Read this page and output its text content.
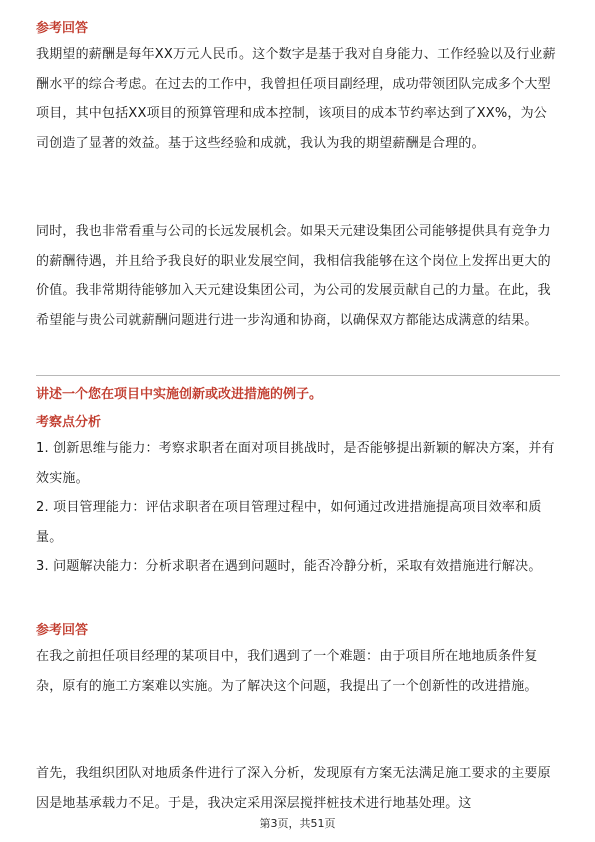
参考回答

我期望的薪酬是每年XX万元人民币。这个数字是基于我对自身能力、工作经验以及行业薪酬水平的综合考虑。在过去的工作中，我曾担任项目副经理，成功带领团队完成多个大型项目，其中包括XX项目的预算管理和成本控制，该项目的成本节约率达到了XX%，为公司创造了显著的效益。基于这些经验和成就，我认为我的期望薪酬是合理的。

同时，我也非常看重与公司的长远发展机会。如果天元建设集团公司能够提供具有竞争力的薪酬待遇，并且给予我良好的职业发展空间，我相信我能够在这个岗位上发挥出更大的价值。我非常期待能够加入天元建设集团公司，为公司的发展贡献自己的力量。在此，我希望能与贵公司就薪酬问题进行进一步沟通和协商，以确保双方都能达成满意的结果。

讲述一个您在项目中实施创新或改进措施的例子。
考察点分析

1. 创新思维与能力：考察求职者在面对项目挑战时，是否能够提出新颖的解决方案，并有效实施。

2. 项目管理能力：评估求职者在项目管理过程中，如何通过改进措施提高项目效率和质量。

3. 问题解决能力：分析求职者在遇到问题时，能否冷静分析，采取有效措施进行解决。

参考回答

在我之前担任项目经理的某项目中，我们遇到了一个难题：由于项目所在地地质条件复杂，原有的施工方案难以实施。为了解决这个问题，我提出了一个创新性的改进措施。

首先，我组织团队对地质条件进行了深入分析，发现原有方案无法满足施工要求的主要原因是地基承载力不足。于是，我决定采用深层搅拌桩技术进行地基处理。这

第3页，共51页
